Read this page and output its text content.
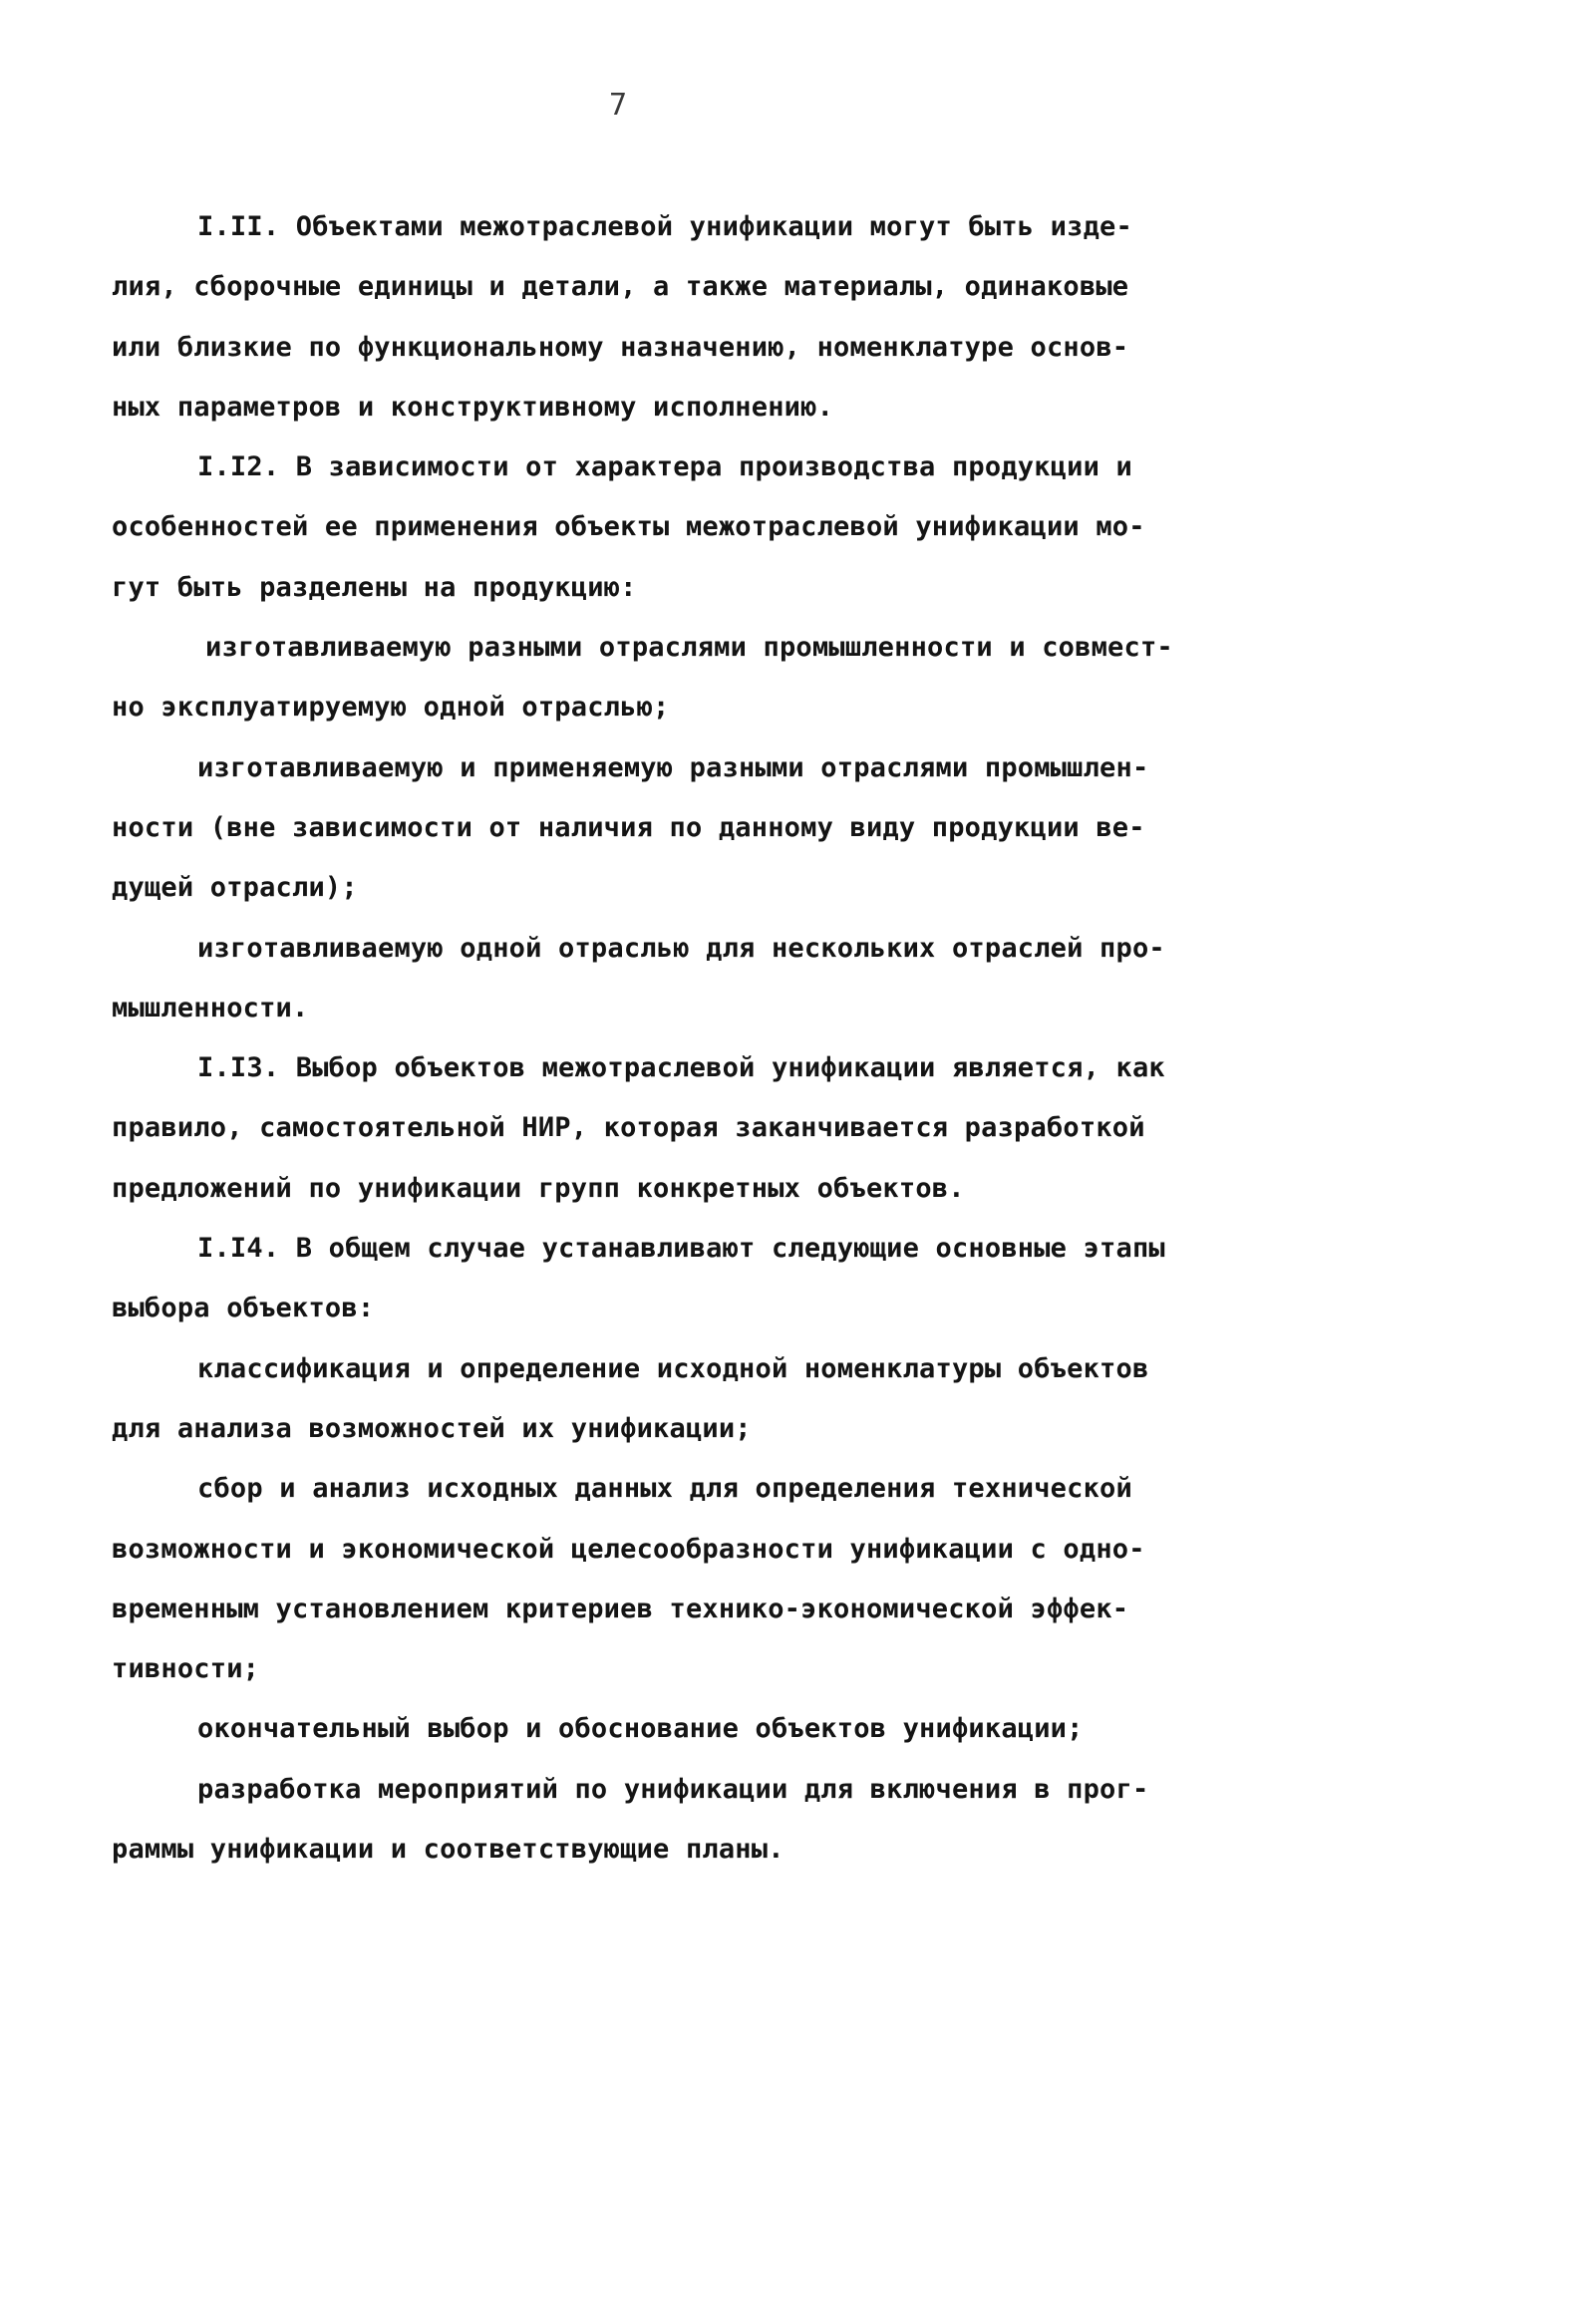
7
I.II. Объектами межотраслевой унификации могут быть изде-
лия, сборочные единицы и детали, а также материалы, одинаковые
или близкие по функциональному назначению, номенклатуре основ-
ных параметров и конструктивному исполнению.
I.I2. В зависимости от характера производства продукции и
особенностей ее применения объекты межотраслевой унификации мо-
гут быть разделены на продукцию:
изготавливаемую разными отраслями промышленности и совмест-
но эксплуатируемую одной отраслью;
изготавливаемую и применяемую разными отраслями промышлен-
ности (вне зависимости от наличия по данному виду продукции ве-
дущей отрасли);
изготавливаемую одной отраслью для нескольких отраслей про-
мышленности.
I.I3. Выбор объектов межотраслевой унификации является, как
правило, самостоятельной НИР, которая заканчивается разработкой
предложений по унификации групп конкретных объектов.
I.I4. В общем случае устанавливают следующие основные этапы
выбора объектов:
классификация и определение исходной номенклатуры объектов
для анализа возможностей их унификации;
сбор и анализ исходных данных для определения технической
возможности и экономической целесообразности унификации с одно-
временным установлением критериев технико-экономической эффек-
тивности;
окончательный выбор и обоснование объектов унификации;
разработка мероприятий по унификации для включения в прог-
раммы унификации и соответствующие планы.
